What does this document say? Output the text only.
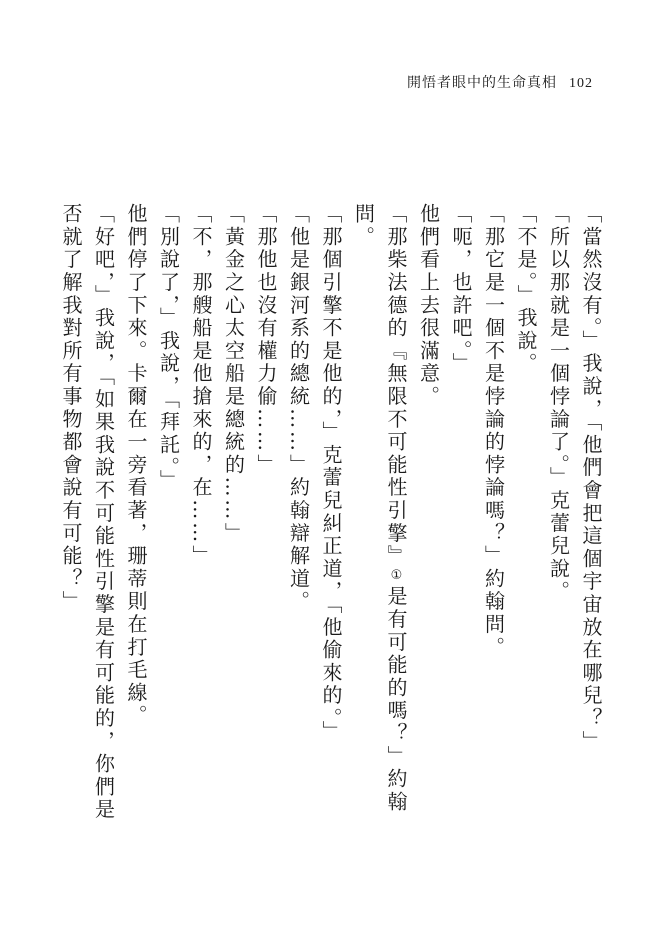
開悟者眼中的生命真相 102

「當然沒有。」我說，「他們會把這個宇宙放在哪兒？」

「所以那就是一個悖論了。」克蕾兒說。

「不是。」我說。

「那它是一個不是悖論的悖論嗎？」約翰問。

「呃，也許吧。」

他們看上去很滿意。

「那柴法德的『無限不可能性引擎』①是有可能的嗎？」約翰問。

「那個引擎不是他的，」克蕾兒糾正道，「他偷來的。」

「他是銀河系的總統……」約翰辯解道。

「那他也沒有權力偷……」

「黃金之心太空船是總統的……」

「不，那艘船是他搶來的，在……」

「別說了，」我說，「拜託。」

他們停了下來。卡爾在一旁看著，珊蒂則在打毛線。

「好吧，」我說，「如果我說不可能性引擎是有可能的，你們是否就了解我對所有事物都會說有可能？」
